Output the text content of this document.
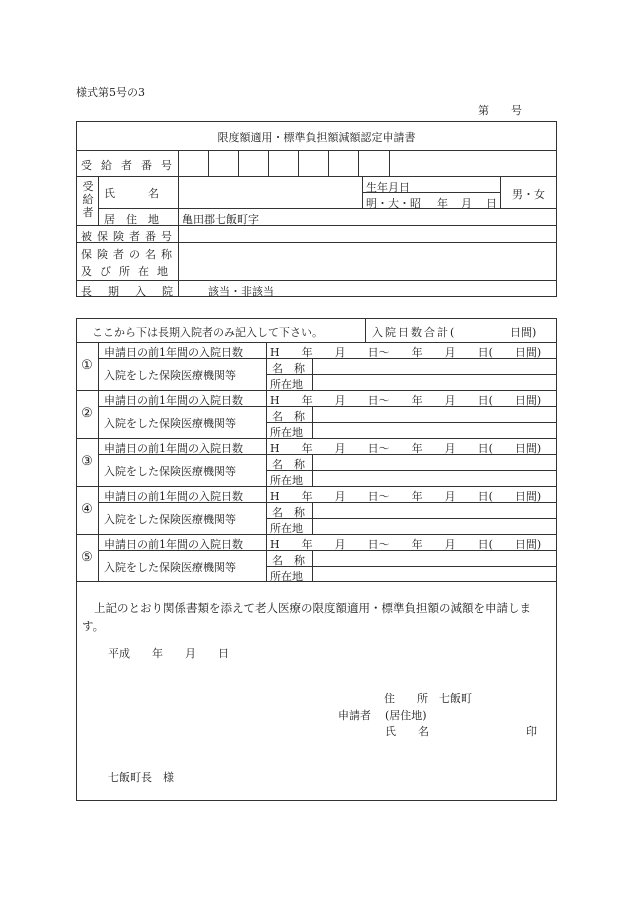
様式第5号の3
第　　号
限度額適用・標準負担額減額認定申請書
受給者番号
受給者
氏　　　名	生年月日
明・大・昭 年 月 日
男・女
居　住　地 亀田郡七飯町字
被保険者番号
保険者の名称
及び所在地
長期入院 該当・非該当
ここから下は長期入院者のみ記入して下さい。	入院日数合計(	日間)
①
申請日の前1年間の入院日数 H　　年　　月　　日〜　　年　　月　　日(　　日間)
入院をした保険医療機関等
名　称
所在地
②
申請日の前1年間の入院日数 H　　年　　月　　日〜　　年　　月　　日(　　日間)
入院をした保険医療機関等
名　称
所在地
③
申請日の前1年間の入院日数 H　　年　　月　　日〜　　年　　月　　日(　　日間)
入院をした保険医療機関等
名　称
所在地
④
申請日の前1年間の入院日数 H　　年　　月　　日〜　　年　　月　　日(　　日間)
入院をした保険医療機関等
名　称
所在地
⑤
申請日の前1年間の入院日数 H　　年　　月　　日〜　　年　　月　　日(　　日間)
入院をした保険医療機関等
名　称
所在地
上記のとおり関係書類を添えて老人医療の限度額適用・標準負担額の減額を申請します。
平成　　年　　月　　日
住　　所　七飯町
申請者 (居住地)
氏　　名	印
七飯町長　様
